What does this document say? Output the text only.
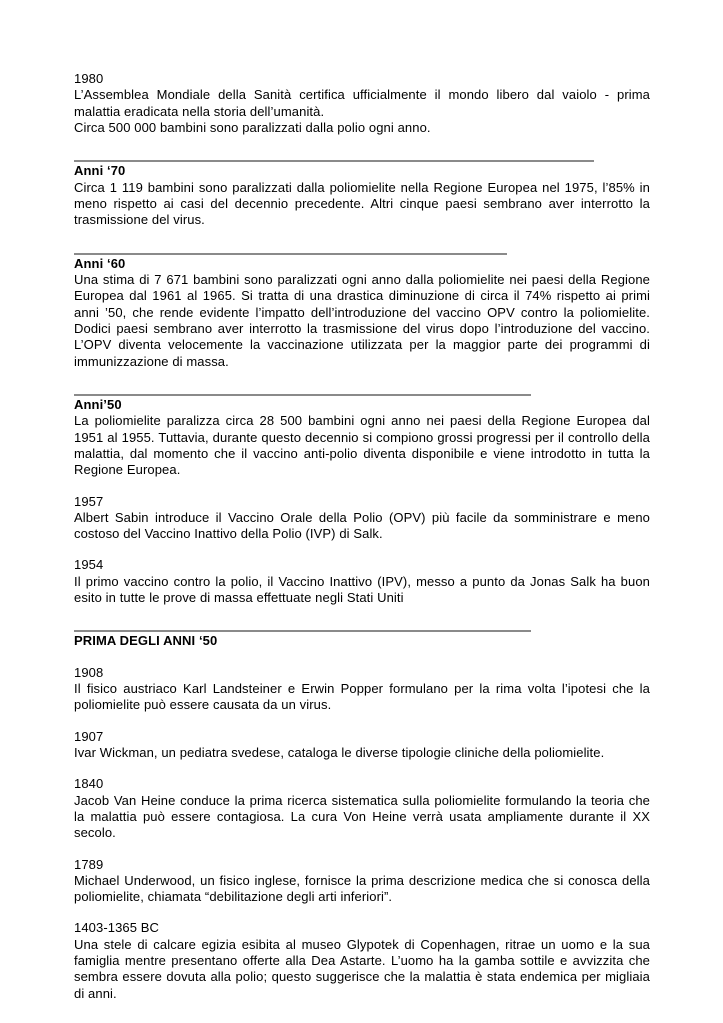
1980

L’Assemblea Mondiale della Sanità certifica ufficialmente il mondo libero dal vaiolo - prima malattia eradicata nella storia dell’umanità.

Circa 500 000 bambini sono paralizzati dalla polio ogni anno.

Anni ‘70

Circa 1 119 bambini sono paralizzati dalla poliomielite nella Regione Europea nel 1975, l’85% in meno rispetto ai casi del decennio precedente. Altri cinque paesi sembrano aver interrotto la trasmissione del virus.

Anni ‘60

Una stima di 7 671 bambini sono paralizzati ogni anno dalla poliomielite nei paesi della Regione Europea dal 1961 al 1965. Si tratta di una drastica diminuzione di circa il 74% rispetto ai primi anni ’50, che rende evidente l’impatto dell’introduzione del vaccino OPV contro la poliomielite. Dodici paesi sembrano aver interrotto la trasmissione del virus dopo l’introduzione del vaccino. L’OPV diventa velocemente la vaccinazione utilizzata per la maggior parte dei programmi di immunizzazione di massa.

Anni’50

La poliomielite paralizza circa 28 500 bambini ogni anno nei paesi della Regione Europea dal 1951 al 1955. Tuttavia, durante questo decennio si compiono grossi progressi per il controllo della malattia, dal momento che il vaccino anti-polio diventa disponibile e viene introdotto in tutta la Regione Europea.

1957

Albert Sabin introduce il Vaccino Orale della Polio (OPV) più facile da somministrare e meno costoso del Vaccino Inattivo della Polio (IVP) di Salk.

1954

Il primo vaccino contro la polio, il Vaccino Inattivo (IPV), messo a punto da Jonas Salk ha buon esito in tutte le prove di massa effettuate negli Stati Uniti

PRIMA DEGLI ANNI ‘50

1908

Il fisico austriaco Karl Landsteiner e Erwin Popper formulano per la rima volta l’ipotesi che la poliomielite può essere causata da un virus.

1907

Ivar Wickman, un pediatra svedese, cataloga le diverse tipologie cliniche della poliomielite.

1840

Jacob Van Heine conduce la prima ricerca sistematica sulla poliomielite formulando la teoria che la malattia può essere contagiosa. La cura Von Heine verrà usata ampliamente durante il XX secolo.

1789

Michael Underwood, un fisico inglese, fornisce la prima descrizione medica che si conosca della poliomielite, chiamata “debilitazione degli arti inferiori”.

1403-1365 BC

Una stele di calcare egizia esibita al museo Glypotek di Copenhagen, ritrae un uomo e la sua famiglia mentre presentano offerte alla Dea Astarte. L’uomo ha la gamba sottile e avvizzita che sembra essere dovuta alla polio; questo suggerisce che la malattia è stata endemica per migliaia di anni.
